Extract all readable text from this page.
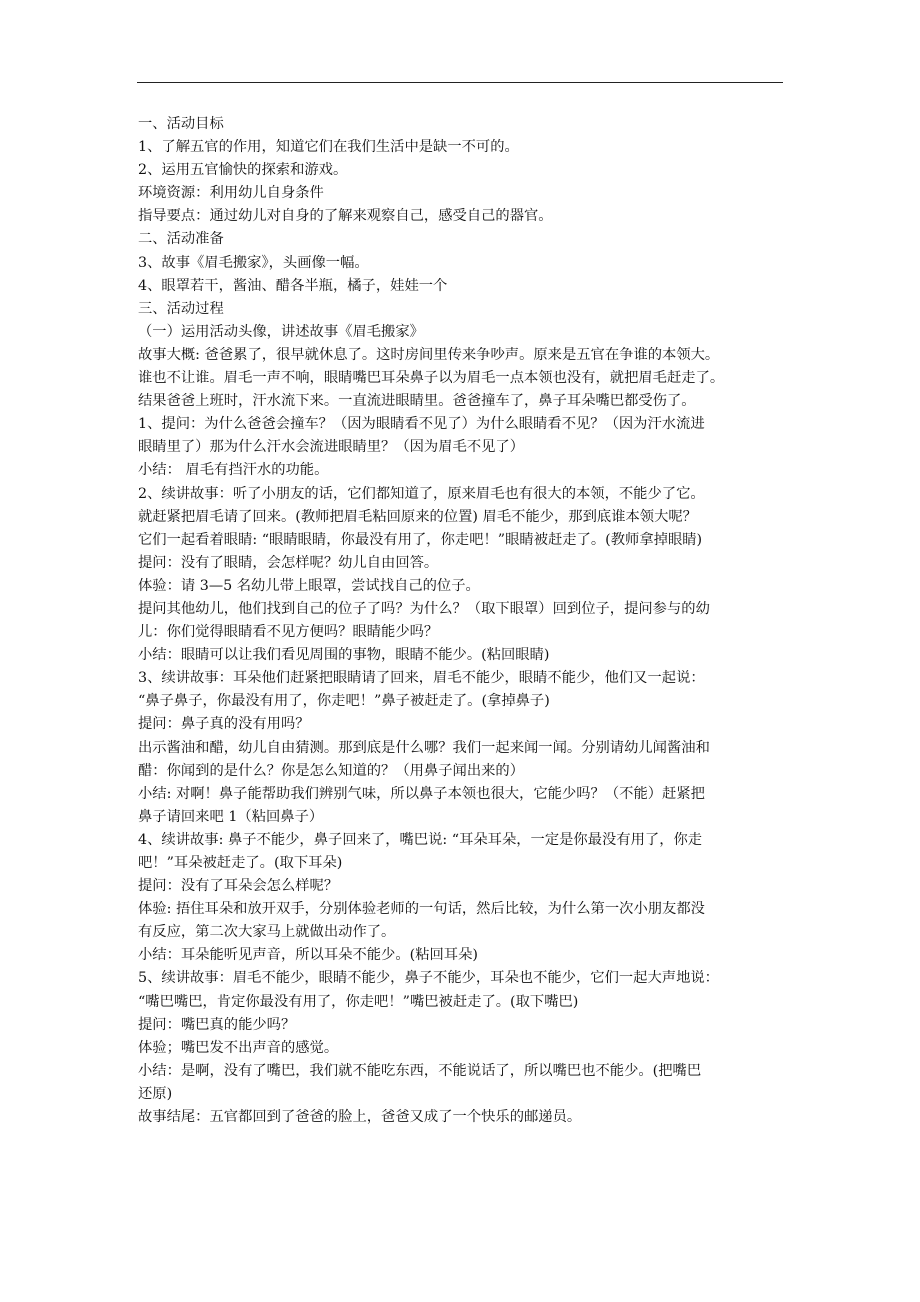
一、活动目标
1、了解五官的作用，知道它们在我们生活中是缺一不可的。
2、运用五官愉快的探索和游戏。
环境资源：利用幼儿自身条件
指导要点：通过幼儿对自身的了解来观察自己，感受自己的器官。
二、活动准备
3、故事《眉毛搬家》，头画像一幅。
4、眼罩若干，酱油、醋各半瓶，橘子，娃娃一个
三、活动过程
（一）运用活动头像，讲述故事《眉毛搬家》
故事大概: 爸爸累了，很早就休息了。这时房间里传来争吵声。原来是五官在争谁的本领大。
谁也不让谁。眉毛一声不响，眼睛嘴巴耳朵鼻子以为眉毛一点本领也没有，就把眉毛赶走了。
结果爸爸上班时，汗水流下来。一直流进眼睛里。爸爸撞车了，鼻子耳朵嘴巴都受伤了。
1、提问：为什么爸爸会撞车？（因为眼睛看不见了）为什么眼睛看不见？（因为汗水流进
眼睛里了）那为什么汗水会流进眼睛里？（因为眉毛不见了）
小结： 眉毛有挡汗水的功能。
2、续讲故事：听了小朋友的话，它们都知道了，原来眉毛也有很大的本领，不能少了它。
就赶紧把眉毛请了回来。(教师把眉毛粘回原来的位置) 眉毛不能少，那到底谁本领大呢？
它们一起看着眼睛: “眼睛眼睛，你最没有用了，你走吧！”眼睛被赶走了。(教师拿掉眼睛)
提问：没有了眼睛，会怎样呢？幼儿自由回答。
体验：请 3—5 名幼儿带上眼罩，尝试找自己的位子。
提问其他幼儿，他们找到自己的位子了吗？为什么？（取下眼罩）回到位子，提问参与的幼
儿：你们觉得眼睛看不见方便吗？眼睛能少吗？
小结：眼睛可以让我们看见周围的事物，眼睛不能少。(粘回眼睛)
3、续讲故事：耳朵他们赶紧把眼睛请了回来，眉毛不能少，眼睛不能少，他们又一起说：
“鼻子鼻子，你最没有用了，你走吧！”鼻子被赶走了。(拿掉鼻子)
提问：鼻子真的没有用吗？
出示酱油和醋，幼儿自由猜测。那到底是什么哪？我们一起来闻一闻。分别请幼儿闻酱油和
醋：你闻到的是什么？你是怎么知道的？（用鼻子闻出来的）
小结: 对啊！鼻子能帮助我们辨别气味，所以鼻子本领也很大，它能少吗？（不能）赶紧把
鼻子请回来吧 1（粘回鼻子）
4、续讲故事: 鼻子不能少，鼻子回来了，嘴巴说: “耳朵耳朵，一定是你最没有用了，你走
吧！”耳朵被赶走了。(取下耳朵)
提问：没有了耳朵会怎么样呢？
体验: 捂住耳朵和放开双手，分别体验老师的一句话，然后比较，为什么第一次小朋友都没
有反应，第二次大家马上就做出动作了。
小结：耳朵能听见声音，所以耳朵不能少。(粘回耳朵)
5、续讲故事：眉毛不能少，眼睛不能少，鼻子不能少，耳朵也不能少，它们一起大声地说：
“嘴巴嘴巴，肯定你最没有用了，你走吧！”嘴巴被赶走了。(取下嘴巴)
提问：嘴巴真的能少吗？
体验；嘴巴发不出声音的感觉。
小结：是啊，没有了嘴巴，我们就不能吃东西，不能说话了，所以嘴巴也不能少。(把嘴巴
还原)
故事结尾：五官都回到了爸爸的脸上，爸爸又成了一个快乐的邮递员。
